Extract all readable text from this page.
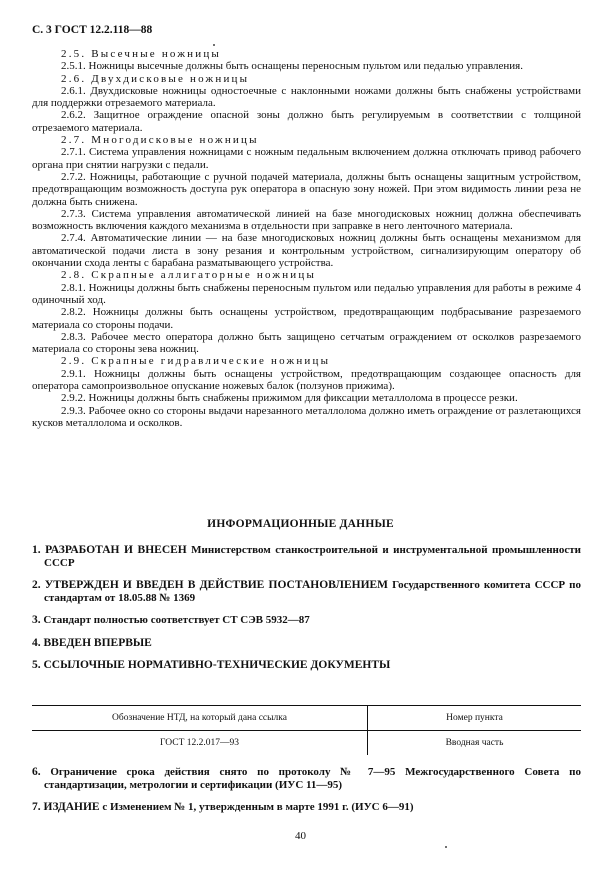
С. 3 ГОСТ 12.2.118—88

2.5. Высечные ножницы

2.5.1. Ножницы высечные должны быть оснащены переносным пультом или педалью управления.

2.6. Двухдисковые ножницы

2.6.1. Двухдисковые ножницы одностоечные с наклонными ножами должны быть снабжены устройствами для поддержки отрезаемого материала.

2.6.2. Защитное ограждение опасной зоны должно быть регулируемым в соответствии с толщиной отрезаемого материала.

2.7. Многодисковые ножницы

2.7.1. Система управления ножницами с ножным педальным включением должна отключать привод рабочего органа при снятии нагрузки с педали.

2.7.2. Ножницы, работающие с ручной подачей материала, должны быть оснащены защитным устройством, предотвращающим возможность доступа рук оператора в опасную зону ножей. При этом видимость линии реза не должна быть снижена.

2.7.3. Система управления автоматической линией на базе многодисковых ножниц должна обеспечивать возможность включения каждого механизма в отдельности при заправке в него ленточного материала.

2.7.4. Автоматические линии — на базе многодисковых ножниц должны быть оснащены механизмом для автоматической подачи листа в зону резания и контрольным устройством, сигнализирующим оператору об окончании схода ленты с барабана разматывающего устройства.

2.8. Скрапные аллигаторные ножницы

2.8.1. Ножницы должны быть снабжены переносным пультом или педалью управления для работы в режиме 4 одиночный ход.

2.8.2. Ножницы должны быть оснащены устройством, предотвращающим подбрасывание разрезаемого материала со стороны подачи.

2.8.3. Рабочее место оператора должно быть защищено сетчатым ограждением от осколков разрезаемого материала со стороны зева ножниц.

2.9. Скрапные гидравлические ножницы

2.9.1. Ножницы должны быть оснащены устройством, предотвращающим создающее опасность для оператора самопроизвольное опускание ножевых балок (ползунов прижима).

2.9.2. Ножницы должны быть снабжены прижимом для фиксации металлолома в процессе резки.

2.9.3. Рабочее окно со стороны выдачи нарезанного металлолома должно иметь ограждение от разлетающихся кусков металлолома и осколков.

ИНФОРМАЦИОННЫЕ ДАННЫЕ
1. РАЗРАБОТАН И ВНЕСЕН Министерством станкостроительной и инструментальной промышленности СССР
2. УТВЕРЖДЕН И ВВЕДЕН В ДЕЙСТВИЕ ПОСТАНОВЛЕНИЕМ Государственного комитета СССР по стандартам от 18.05.88 № 1369
3. Стандарт полностью соответствует СТ СЭВ 5932—87
4. ВВЕДЕН ВПЕРВЫЕ
5. ССЫЛОЧНЫЕ НОРМАТИВНО-ТЕХНИЧЕСКИЕ ДОКУМЕНТЫ
Обозначение НТД, на который дана ссылка	Номер пункта
ГОСТ 12.2.017—93	Вводная часть
6. Ограничение срока действия снято по протоколу № 7—95 Межгосударственного Совета по стандартизации, метрологии и сертификации (ИУС 11—95)
7. ИЗДАНИЕ с Изменением № 1, утвержденным в марте 1991 г. (ИУС 6—91)
40
